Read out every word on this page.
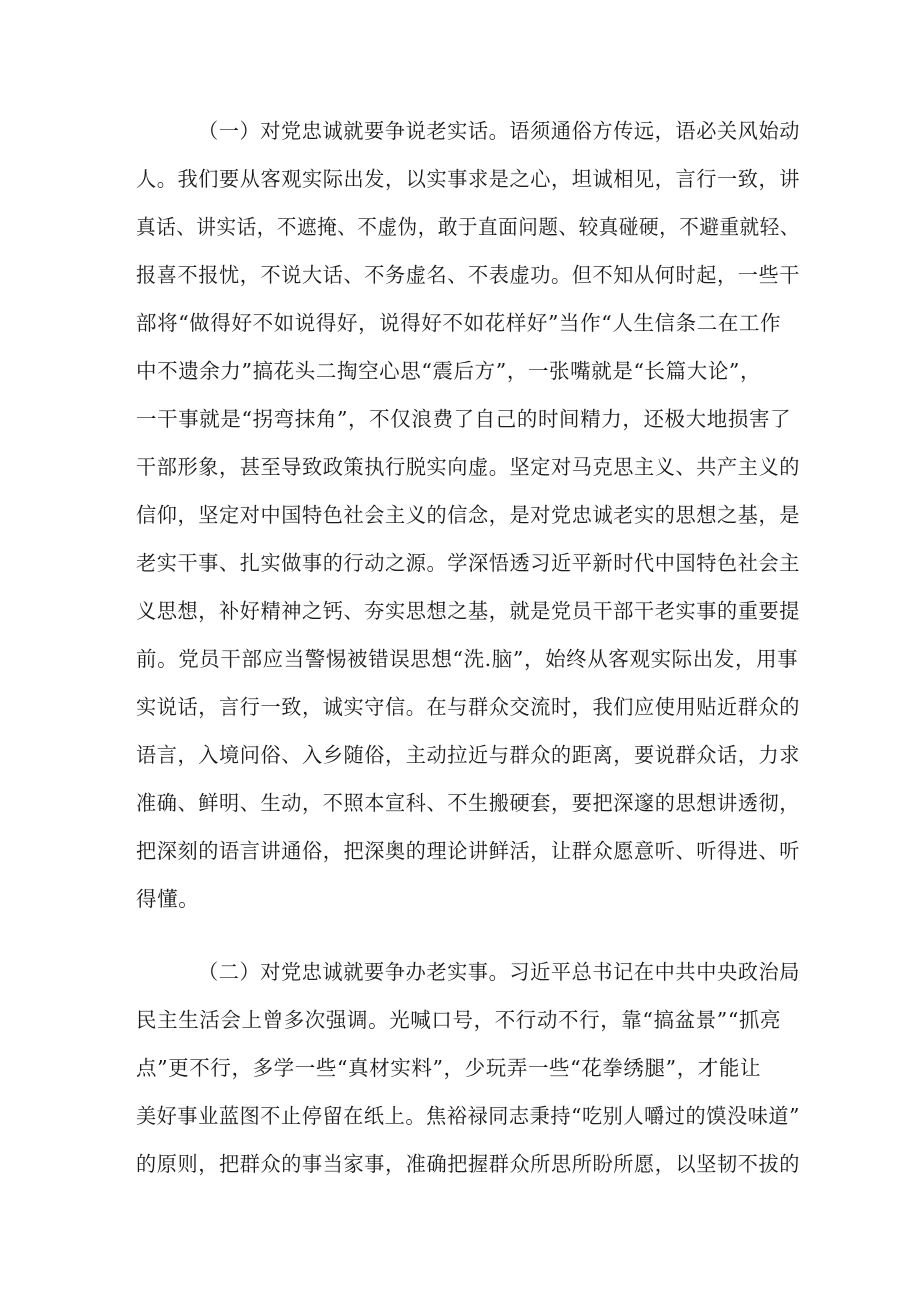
（一）对党忠诚就要争说老实话。语须通俗方传远，语必关风始动
人。我们要从客观实际出发，以实事求是之心，坦诚相见，言行一致，讲
真话、讲实话，不遮掩、不虚伪，敢于直面问题、较真碰硬，不避重就轻、
报喜不报忧，不说大话、不务虚名、不表虚功。但不知从何时起，一些干
部将“做得好不如说得好，说得好不如花样好”当作“人生信条二在工作
中不遗余力”搞花头二掏空心思“震后方”，一张嘴就是“长篇大论”，
一干事就是“拐弯抹角”，不仅浪费了自己的时间精力，还极大地损害了
干部形象，甚至导致政策执行脱实向虚。坚定对马克思主义、共产主义的
信仰，坚定对中国特色社会主义的信念，是对党忠诚老实的思想之基，是
老实干事、扎实做事的行动之源。学深悟透习近平新时代中国特色社会主
义思想，补好精神之钙、夯实思想之基，就是党员干部干老实事的重要提
前。党员干部应当警惕被错误思想“洗.脑”，始终从客观实际出发，用事
实说话，言行一致，诚实守信。在与群众交流时，我们应使用贴近群众的
语言，入境问俗、入乡随俗，主动拉近与群众的距离，要说群众话，力求
准确、鲜明、生动，不照本宣科、不生搬硬套，要把深邃的思想讲透彻，
把深刻的语言讲通俗，把深奥的理论讲鲜活，让群众愿意听、听得进、听
得懂。
（二）对党忠诚就要争办老实事。习近平总书记在中共中央政治局
民主生活会上曾多次强调。光喊口号，不行动不行，靠“搞盆景”“抓亮
点”更不行，多学一些“真材实料”，少玩弄一些“花拳绣腿”，才能让
美好事业蓝图不止停留在纸上。焦裕禄同志秉持“吃别人嚼过的馍没味道”
的原则，把群众的事当家事，准确把握群众所思所盼所愿，以坚韧不拔的
